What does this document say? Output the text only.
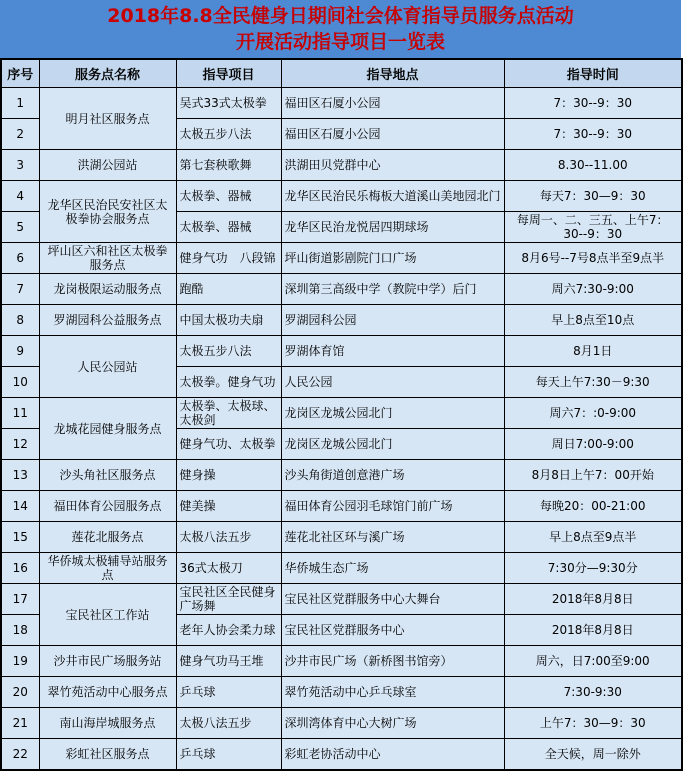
2018年8.8全民健身日期间社会体育指导员服务点活动
开展活动指导项目一览表
序号	服务点名称	指导项目	指导地点	指导时间
1	明月社区服务点	吴式33式太极拳	福田区石厦小公园	7：30--9：30
2		太极五步八法	福田区石厦小公园	7：30--9：30
3	洪湖公园站	第七套秧歌舞	洪湖田贝党群中心	8.30--11.00
4	龙华区民治民安社区太极拳协会服务点	太极拳、器械	龙华区民治民乐梅板大道溪山美地园北门	每天7：30—9：30
5		太极拳、器械	龙华区民治龙悦居四期球场	每周一、二、三五、上午7：30--9：30
6	坪山区六和社区太极拳服务点	健身气功　八段锦	坪山街道影剧院门口广场	8月6号--7号8点半至9点半
7	龙岗极限运动服务点	跑酷	深圳第三高级中学（教院中学）后门	周六7:30-9:00
8	罗湖园科公益服务点	中国太极功夫扇	罗湖园科公园	早上8点至10点
9	人民公园站	太极五步八法	罗湖体育馆	8月1日
10		太极拳。健身气功	人民公园	每天上午7:30－9:30
11	龙城花园健身服务点	太极拳、太极球、太极剑	龙岗区龙城公园北门	周六7：:0-9:00
12		健身气功、太极拳	龙岗区龙城公园北门	周日7:00-9:00
13	沙头角社区服务点	健身操	沙头角街道创意港广场	8月8日上午7：00开始
14	福田体育公园服务点	健美操	福田体育公园羽毛球馆门前广场	每晚20：00-21:00
15	莲花北服务点	太极八法五步	莲花北社区环与溪广场	早上8点至9点半
16	华侨城太极辅导站服务点	36式太极刀	华侨城生态广场	7:30分—9:30分
17	宝民社区工作站	宝民社区全民健身广场舞	宝民社区党群服务中心大舞台	2018年8月8日
18		老年人协会柔力球	宝民社区党群服务中心	2018年8月8日
19	沙井市民广场服务站	健身气功马王堆	沙井市民广场（新桥图书馆旁）	周六，日7:00至9:00
20	翠竹苑活动中心服务点	乒乓球	翠竹苑活动中心乒乓球室	7:30-9:30
21	南山海岸城服务点	太极八法五步	深圳湾体育中心大树广场	上午7：30—9：30
22	彩虹社区服务点	乒乓球	彩虹老协活动中心	全天候，周一除外
